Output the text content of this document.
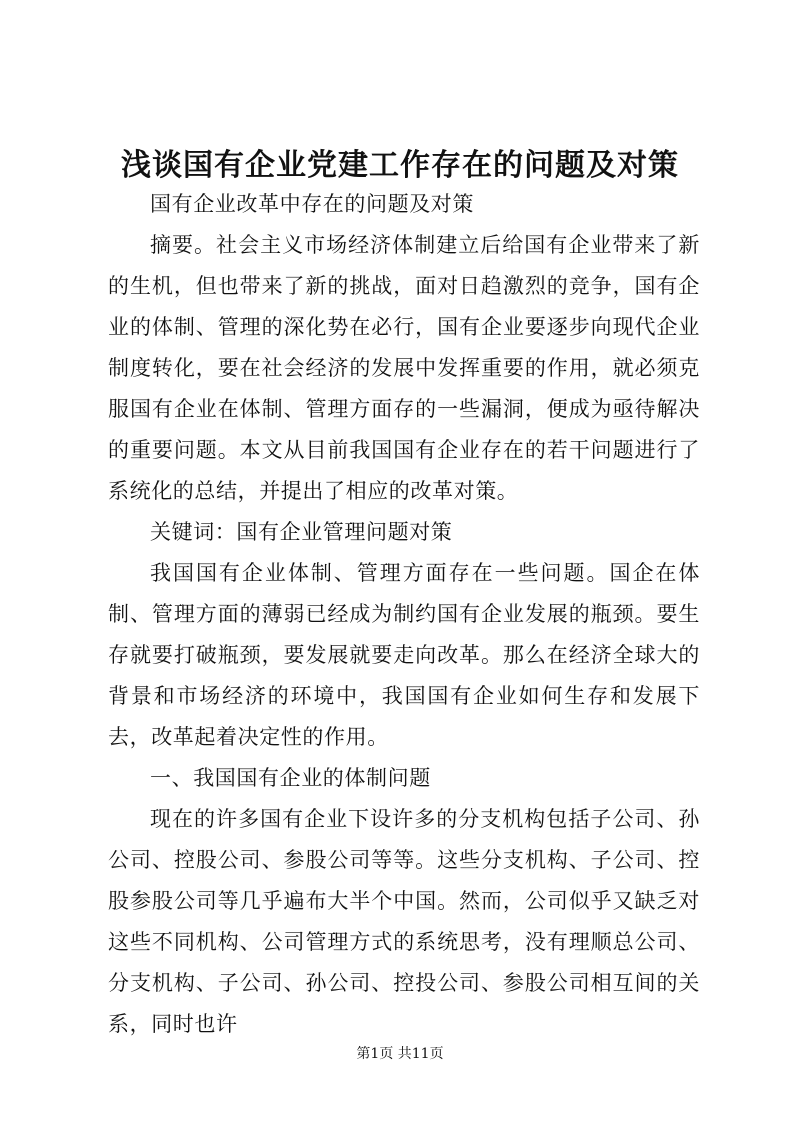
浅谈国有企业党建工作存在的问题及对策

国有企业改革中存在的问题及对策

摘要。社会主义市场经济体制建立后给国有企业带来了新的生机，但也带来了新的挑战，面对日趋激烈的竞争，国有企业的体制、管理的深化势在必行，国有企业要逐步向现代企业制度转化，要在社会经济的发展中发挥重要的作用，就必须克服国有企业在体制、管理方面存的一些漏洞，便成为亟待解决的重要问题。本文从目前我国国有企业存在的若干问题进行了系统化的总结，并提出了相应的改革对策。

关键词：国有企业管理问题对策

我国国有企业体制、管理方面存在一些问题。国企在体制、管理方面的薄弱已经成为制约国有企业发展的瓶颈。要生存就要打破瓶颈，要发展就要走向改革。那么在经济全球大的背景和市场经济的环境中，我国国有企业如何生存和发展下去，改革起着决定性的作用。

一、我国国有企业的体制问题

现在的许多国有企业下设许多的分支机构包括子公司、孙公司、控股公司、参股公司等等。这些分支机构、子公司、控股参股公司等几乎遍布大半个中国。然而，公司似乎又缺乏对这些不同机构、公司管理方式的系统思考，没有理顺总公司、分支机构、子公司、孙公司、控投公司、参股公司相互间的关系，同时也许

第1页 共11页
